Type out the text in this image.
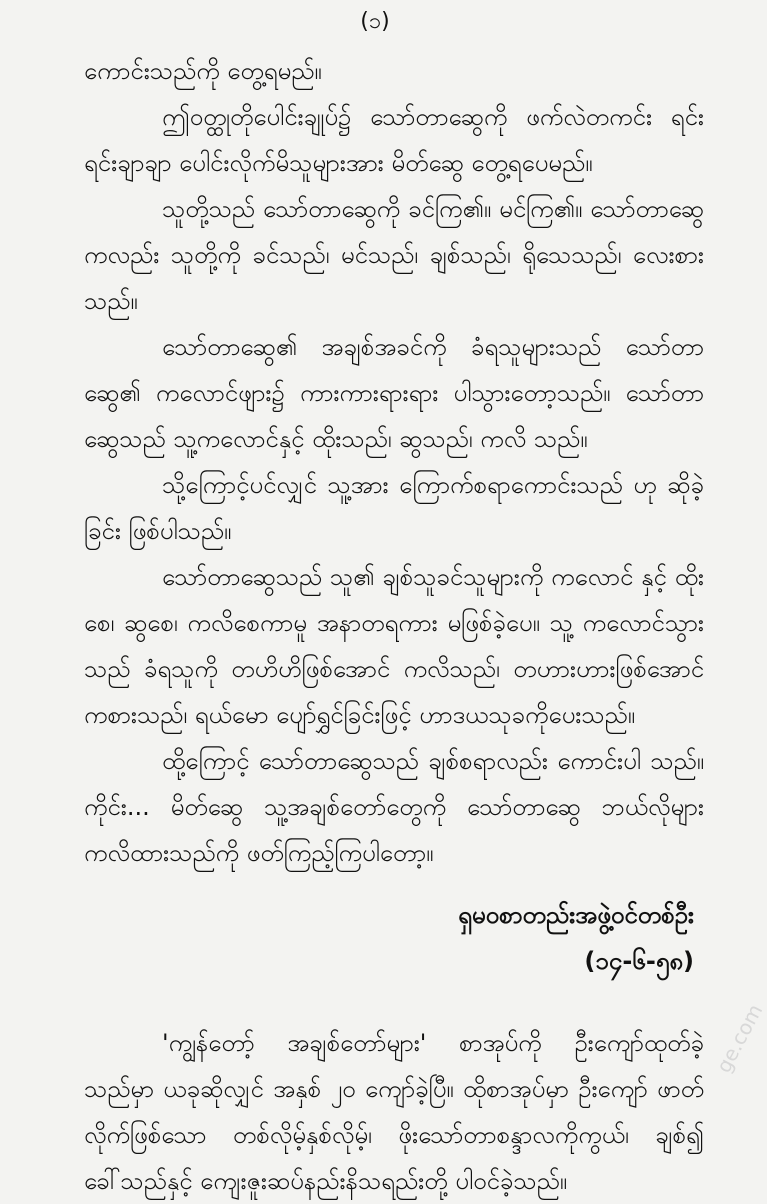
(၁)

ကောင်းသည်ကို တွေ့ရမည်။

ဤ၀တ္ထုတိုပေါင်းချုပ်၌ သော်တာဆွေကို ဖက်လဲတကင်း ရင်းရင်းချာချာ ပေါင်းလိုက်မိသူများအား မိတ်ဆွေ တွေ့ရပေမည်။

သူတို့သည် သော်တာဆွေကို ခင်ကြ၏။ မင်ကြ၏။ သော်တာဆွေကလည်း သူတို့ကို ခင်သည်၊ မင်သည်၊ ချစ်သည်၊ ရိုသေသည်၊ လေးစားသည်။

သော်တာဆွေ၏ အချစ်အခင်ကို ခံရသူများသည် သော်တာ ဆွေ၏ ကလောင်ဖျား၌ ကားကားရားရား ပါသွားတော့သည်။ သော်တာ ဆွေသည် သူ့ကလောင်နှင့် ထိုးသည်၊ ဆွသည်၊ ကလိ သည်။

သို့ကြောင့်ပင်လျှင် သူ့အား ကြောက်စရာကောင်းသည် ဟု ဆိုခဲ့ခြင်း ဖြစ်ပါသည်။

သော်တာဆွေသည် သူ၏ ချစ်သူခင်သူများကို ကလောင် နှင့် ထိုးစေ၊ ဆွစေ၊ ကလိစေကာမူ အနာတရကား မဖြစ်ခဲ့ပေ။ သူ့ ကလောင်သွားသည် ခံရသူကို တဟိဟိဖြစ်အောင် ကလိသည်၊ တဟားဟားဖြစ်အောင် ကစားသည်၊ ရယ်မော ပျော်ရွှင်ခြင်းဖြင့် ဟာဒယသုခကိုပေးသည်။

ထို့ကြောင့် သော်တာဆွေသည် ချစ်စရာလည်း ကောင်းပါ သည်။ ကိုင်း... မိတ်ဆွေ သူ့အချစ်တော်တွေကို သော်တာဆွေ ဘယ်လိုများ ကလိထားသည်ကို ဖတ်ကြည့်ကြပါတော့။

ရှမ၀စာတည်းအဖွဲ့၀င်တစ်ဦး
(၁၄-၆-၅၈)

'ကျွန်တော့် အချစ်တော်များ' စာအုပ်ကို ဦးကျော်ထုတ်ခဲ့ သည်မှာ ယခုဆိုလျှင် အနှစ် ၂၀ ကျော်ခဲ့ပြီ။ ထိုစာအုပ်မှာ ဦးကျော် ဖာတ်လိုက်ဖြစ်သော တစ်လိုမ့်နှစ်လိုမ့်၊ ဖိုးသော်တာစန္ဒာလကိုကွယ်၊ ချစ်၍ ခေါ်သည်နှင့် ကျေးဇူးဆပ်နည်းနိသရည်းတို့ ပါဝင်ခဲ့သည်။

ge.com
